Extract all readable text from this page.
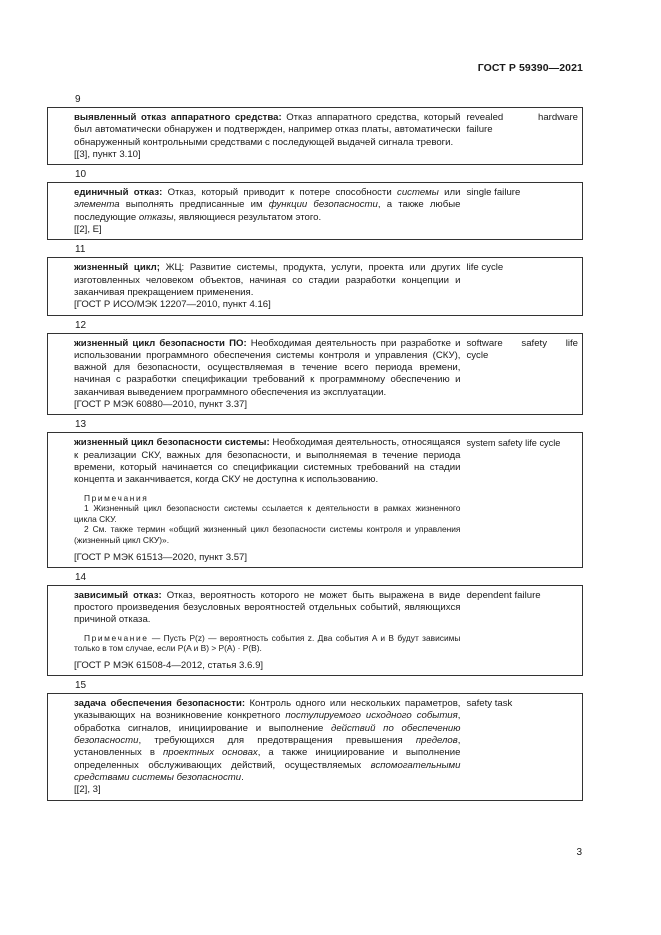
ГОСТ Р 59390—2021
9
выявленный отказ аппаратного средства: Отказ аппаратного средства, который был автоматически обнаружен и подтвержден, например отказ платы, автоматически обнаруженный контрольными средствами с последующей выдачей сигнала тревоги.
[[3], пункт 3.10]
revealed	hardware
failure
10
единичный отказ: Отказ, который приводит к потере способности системы или элемента выполнять предписанные им функции безопасности, а также любые последующие отказы, являющиеся результатом этого.
[[2], E]
single failure
11
жизненный цикл; ЖЦ: Развитие системы, продукта, услуги, проекта или других изготовленных человеком объектов, начиная со стадии разработки концепции и заканчивая прекращением применения.
[ГОСТ Р ИСО/МЭК 12207—2010, пункт 4.16]
life cycle
12
жизненный цикл безопасности ПО: Необходимая деятельность при разработке и использовании программного обеспечения системы контроля и управления (СКУ), важной для безопасности, осуществляемая в течение всего периода времени, начиная с разработки спецификации требований к программному обеспечению и заканчивая выведением программного обеспечения из эксплуатации.
[ГОСТ Р МЭК 60880—2010, пункт 3.37]
software safety life
cycle
13
жизненный цикл безопасности системы: Необходимая деятельность, относящаяся к реализации СКУ, важных для безопасности, и выполняемая в течение периода времени, который начинается со спецификации системных требований на стадии концепта и заканчивается, когда СКУ не доступна к использованию.

Примечания

1 Жизненный цикл безопасности системы ссылается к деятельности в рамках жизненного цикла СКУ.

2 См. также термин «общий жизненный цикл безопасности системы контроля и управления (жизненный цикл СКУ)».

[ГОСТ Р МЭК 61513—2020, пункт 3.57]
system safety life cycle
14
зависимый отказ: Отказ, вероятность которого не может быть выражена в виде простого произведения безусловных вероятностей отдельных событий, являющихся причиной отказа.

Примечание — Пусть P(z) — вероятность события z. Два события A и B будут зависимы только в том случае, если P(A и B) > P(A) · P(B).

[ГОСТ Р МЭК 61508-4—2012, статья 3.6.9]
dependent failure
15
задача обеспечения безопасности: Контроль одного или нескольких параметров, указывающих на возникновение конкретного постулируемого исходного события, обработка сигналов, инициирование и выполнение действий по обеспечению безопасности, требующихся для предотвращения превышения пределов, установленных в проектных основах, а также инициирование и выполнение определенных обслуживающих действий, осуществляемых вспомогательными средствами системы безопасности.
[[2], 3]
safety task
3
